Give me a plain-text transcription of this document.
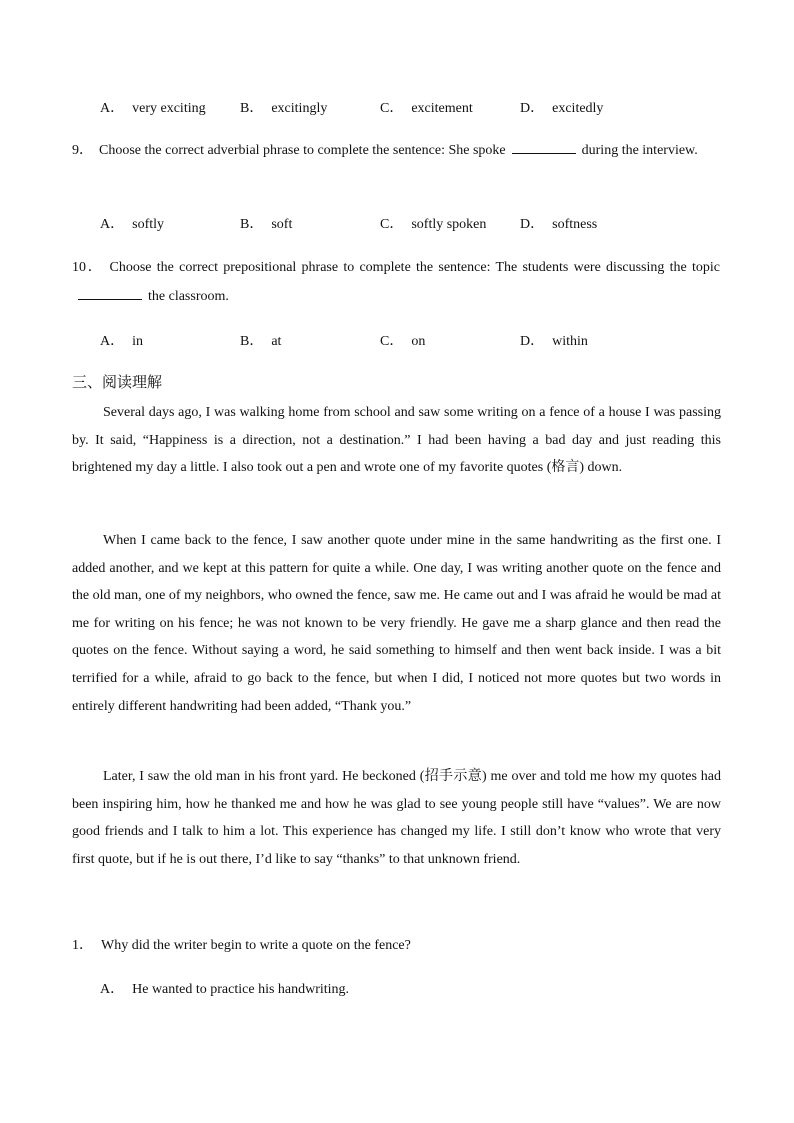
A． very exciting B． excitingly	C． excitement	D． excitedly
9． Choose the correct adverbial phrase to complete the sentence: She spoke	during the interview.
A． softly	B． soft	C． softly spoken D． softness
10． Choose the correct prepositional phrase to complete the sentence: The students were discussing the topicthe classroom.
A． in	B． at	C． on	D． within
三、阅读理解

Several days ago, I was walking home from school and saw some writing on a fence of a house I was passing by. It said, “Happiness is a direction, not a destination.” I had been having a bad day and just reading this brightened my day a little. I also took out a pen and wrote one of my favorite quotes (格言) down.

When I came back to the fence, I saw another quote under mine in the same handwriting as the first one. I added another, and we kept at this pattern for quite a while. One day, I was writing another quote on the fence and the old man, one of my neighbors, who owned the fence, saw me. He came out and I was afraid he would be mad at me for writing on his fence; he was not known to be very friendly. He gave me a sharp glance and then read the quotes on the fence. Without saying a word, he said something to himself and then went back inside. I was a bit terrified for a while, afraid to go back to the fence, but when I did, I noticed not more quotes but two words in entirely different handwriting had been added, “Thank you.”

Later, I saw the old man in his front yard. He beckoned (招手示意) me over and told me how my quotes had been inspiring him, how he thanked me and how he was glad to see young people still have “values”. We are now good friends and I talk to him a lot. This experience has changed my life. I still don’t know who wrote that very first quote, but if he is out there, I’d like to say “thanks” to that unknown friend.

1． Why did the writer begin to write a quote on the fence?
A． He wanted to practice his handwriting.
